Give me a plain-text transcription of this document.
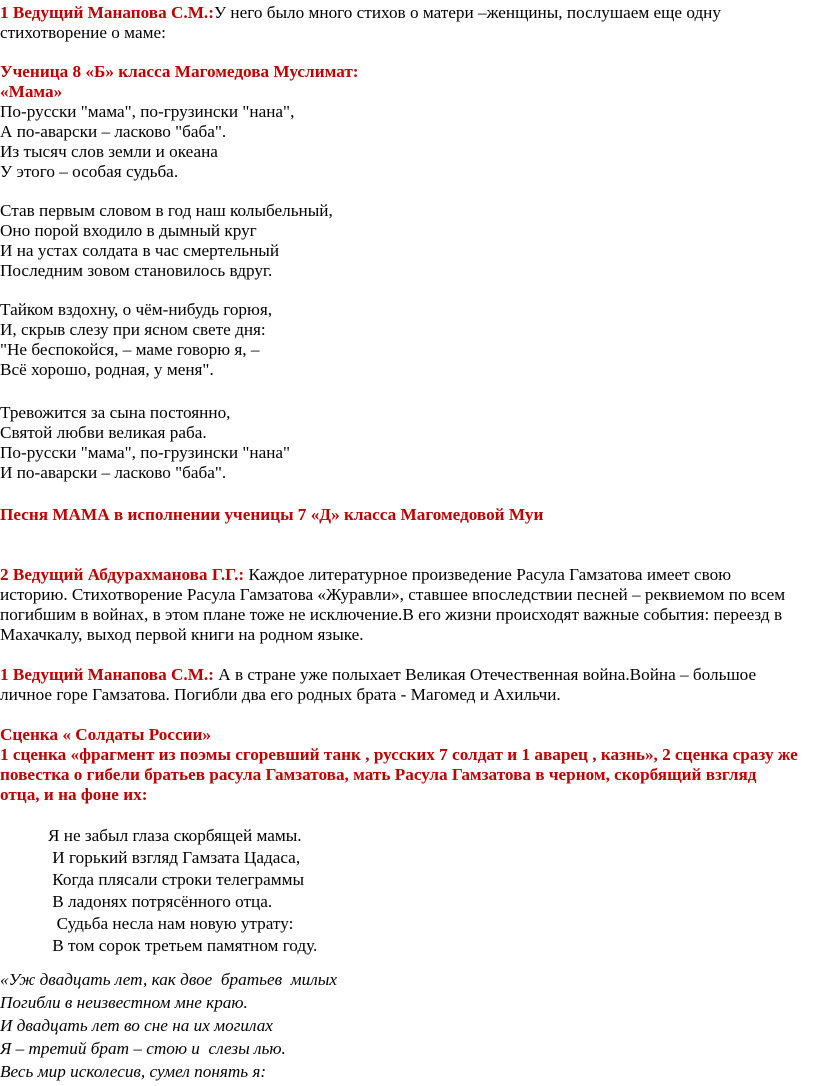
1 Ведущий Манапова С.М.:У него было много стихов о матери –женщины, послушаем еще одну
стихотворение о маме:
Ученица 8 «Б» класса Магомедова Муслимат:
«Мама»
По-русски "мама", по-грузински "нана",
А по-аварски – ласково "баба".
Из тысяч слов земли и океана
У этого – особая судьба.
Став первым словом в год наш колыбельный,
Оно порой входило в дымный круг
И на устах солдата в час смертельный
Последним зовом становилось вдруг.
Тайком вздохну, о чём-нибудь горюя,
И, скрыв слезу при ясном свете дня:
"Не беспокойся, – маме говорю я, –
Всё хорошо, родная, у меня".
Тревожится за сына постоянно,
Святой любви великая раба.
По-русски "мама", по-грузински "нана"
И по-аварски – ласково "баба".
Песня МАМА в исполнении ученицы 7 «Д» класса Магомедовой Муи
2 Ведущий Абдурахманова Г.Г.: Каждое литературное произведение Расула Гамзатова имеет свою
историю. Стихотворение Расула Гамзатова «Журавли», ставшее впоследствии песней – реквиемом по всем
погибшим в войнах, в этом плане тоже не исключение.В его жизни происходят важные события: переезд в
Махачкалу, выход первой книги на родном языке.
1 Ведущий Манапова С.М.: А в стране уже полыхает Великая Отечественная война.Война – большое
личное горе Гамзатова. Погибли два его родных брата - Магомед и Ахильчи.
Сценка « Солдаты России»
1 сценка «фрагмент из поэмы сгоревший танк , русских 7 солдат и 1 аварец , казнь», 2 сценка сразу же
повестка о гибели братьев расула Гамзатова, мать Расула Гамзатова в черном, скорбящий взгляд
отца, и на фоне их:
Я не забыл глаза скорбящей мамы.
И горький взгляд Гамзата Цадаса,
Когда плясали строки телеграммы
В ладонях потрясённого отца.
Судьба несла нам новую утрату:
В том сорок третьем памятном году.
«Уж двадцать лет, как двое  братьев  милых
Погибли в неизвестном мне краю.
И двадцать лет во сне на их могилах
Я – третий брат – стою и  слезы лью.
Весь мир исколесив, сумел понять я:
